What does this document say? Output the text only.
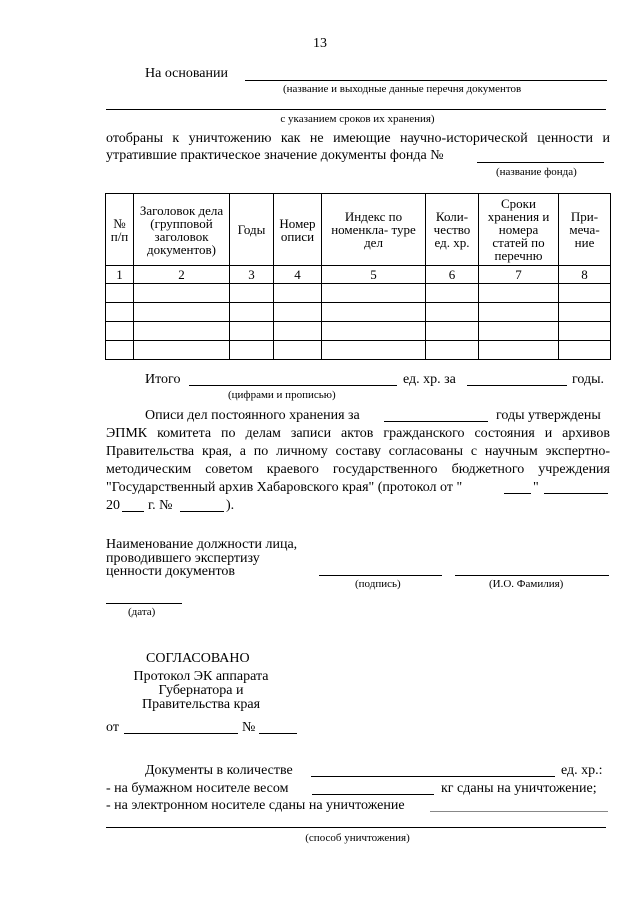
13
На основании
(название и выходные данные перечня документов
с указанием сроков их хранения)
отобраны к уничтожению как не имеющие научно-исторической ценности и
утратившие практическое значение документы фонда №
(название фонда)
№ п/п	Заголовок дела (групповой заголовок документов)	Годы	Номер описи	Индекс по номенкла- туре дел	Коли- чество ед. хр.	Сроки хранения и номера статей по перечню	При- меча- ние
1	2	3	4	5	6	7	8

Итого	ед. хр. за	годы.
(цифрами и прописью)
Описи дел постоянного хранения за	годы утверждены
ЭПМК комитета по делам записи актов гражданского состояния и архивов
Правительства края, а по личному составу согласованы с научным экспертно-
методическим советом краевого государственного бюджетного учреждения
"Государственный архив Хабаровского края" (протокол от "	"
20 г. №	).
Наименование должности лица,
проводившего экспертизу
ценности документов
(подпись)	(И.О. Фамилия)
(дата)
СОГЛАСОВАНО
Протокол ЭК аппарата
Губернатора и
Правительства края
от	№
Документы в количестве	ед. хр.:
- на бумажном носителе весом	кг сданы на уничтожение;
- на электронном носителе сданы на уничтожение
(способ уничтожения)
